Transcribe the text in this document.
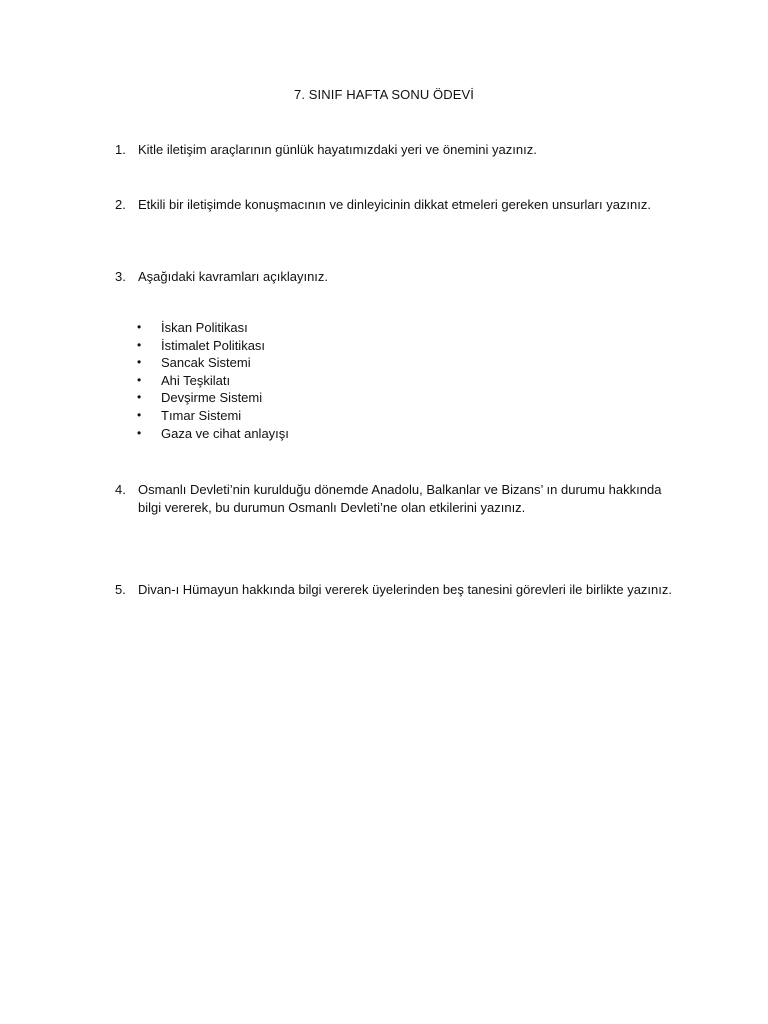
7. SINIF HAFTA SONU ÖDEVİ
1. Kitle iletişim araçlarının günlük hayatımızdaki yeri ve önemini yazınız.
2. Etkili bir iletişimde konuşmacının ve dinleyicinin dikkat etmeleri gereken unsurları yazınız.
3. Aşağıdaki kavramları açıklayınız.
• İskan Politikası
• İstimalet Politikası
• Sancak Sistemi
• Ahi Teşkilatı
• Devşirme Sistemi
• Tımar Sistemi
• Gaza ve cihat anlayışı
4. Osmanlı Devleti’nin kurulduğu dönemde Anadolu, Balkanlar ve Bizans’ ın durumu hakkında bilgi vererek, bu durumun Osmanlı Devleti’ne olan etkilerini yazınız.
5. Divan-ı Hümayun hakkında bilgi vererek üyelerinden beş tanesini görevleri ile birlikte yazınız.
